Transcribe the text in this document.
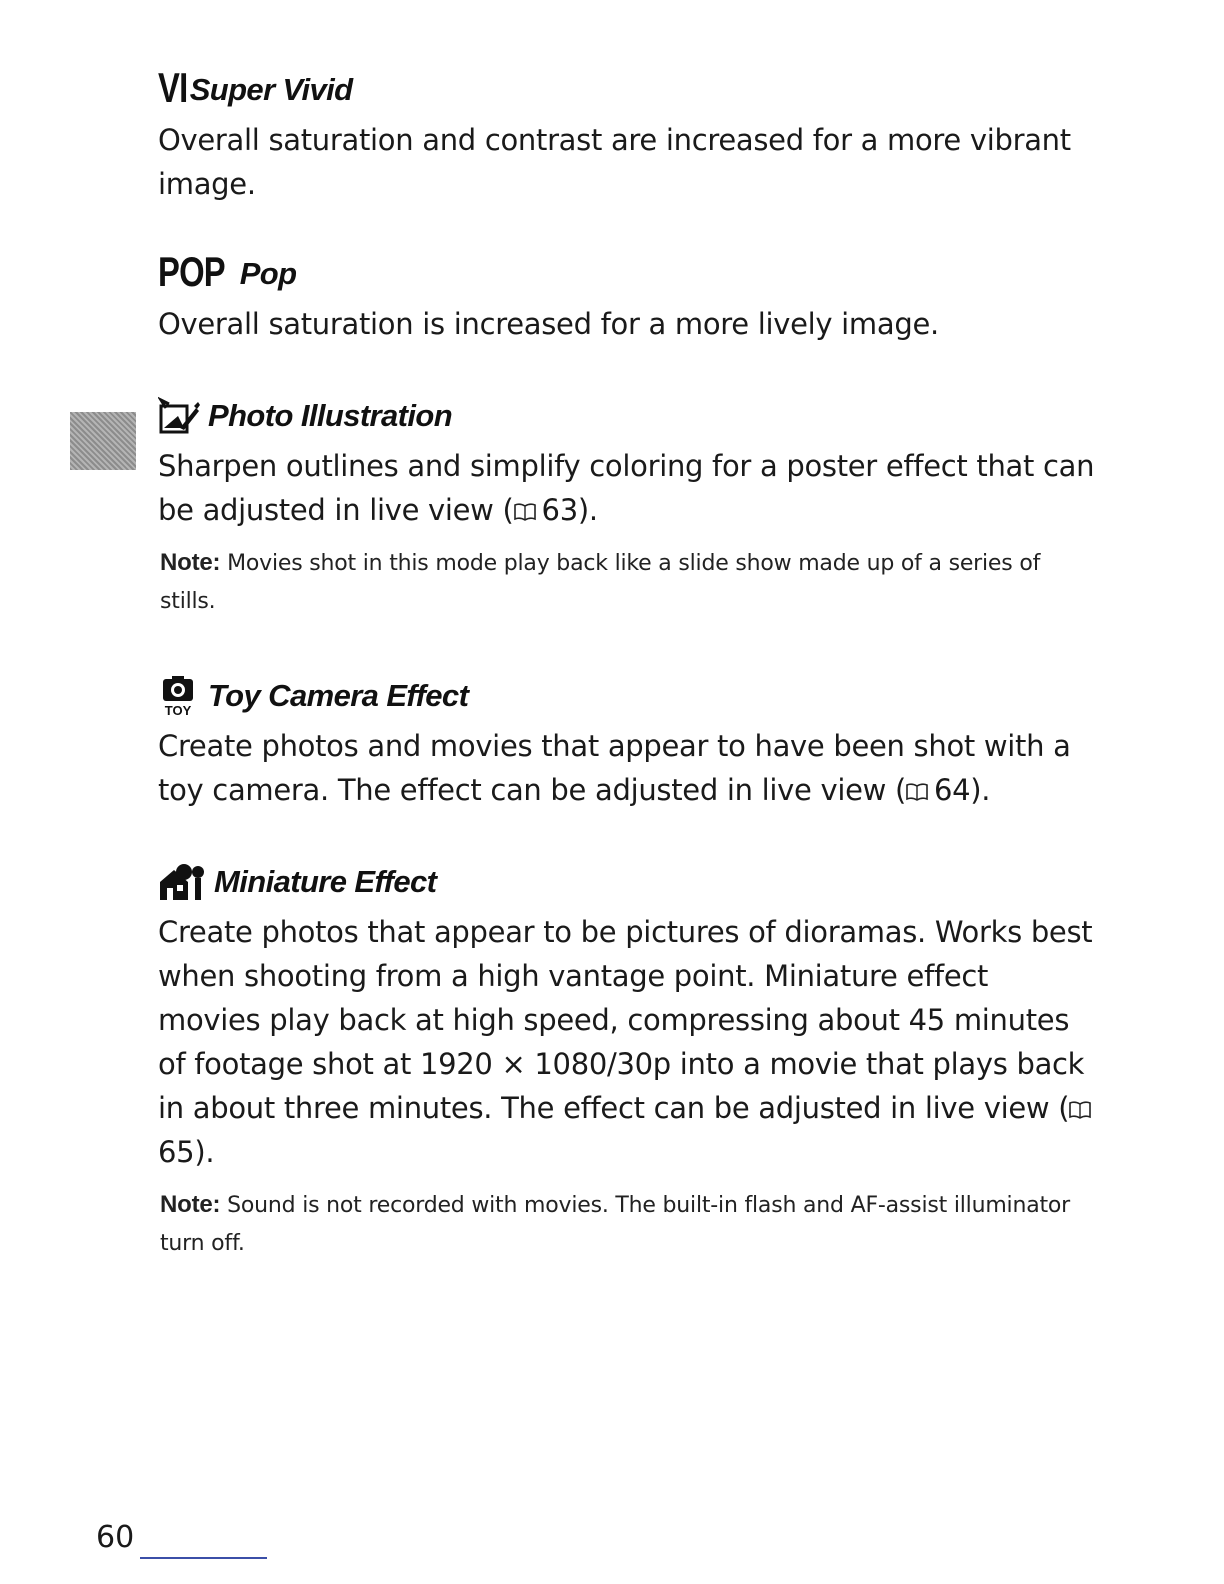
VI Super Vivid

Overall saturation and contrast are increased for a more vibrant image.

POP Pop

Overall saturation is increased for a more lively image.

Photo Illustration

Sharpen outlines and simplify coloring for a poster effect that can be adjusted in live view ( 63).

Note: Movies shot in this mode play back like a slide show made up of a series of stills.

TOY Toy Camera Effect

Create photos and movies that appear to have been shot with a toy camera. The effect can be adjusted in live view ( 64).

Miniature Effect

Create photos that appear to be pictures of dioramas. Works best when shooting from a high vantage point. Miniature effect movies play back at high speed, compressing about 45 minutes of footage shot at 1920 × 1080/30p into a movie that plays back in about three minutes. The effect can be adjusted in live view (65).

Note: Sound is not recorded with movies. The built-in flash and AF-assist illuminator turn off.

60
